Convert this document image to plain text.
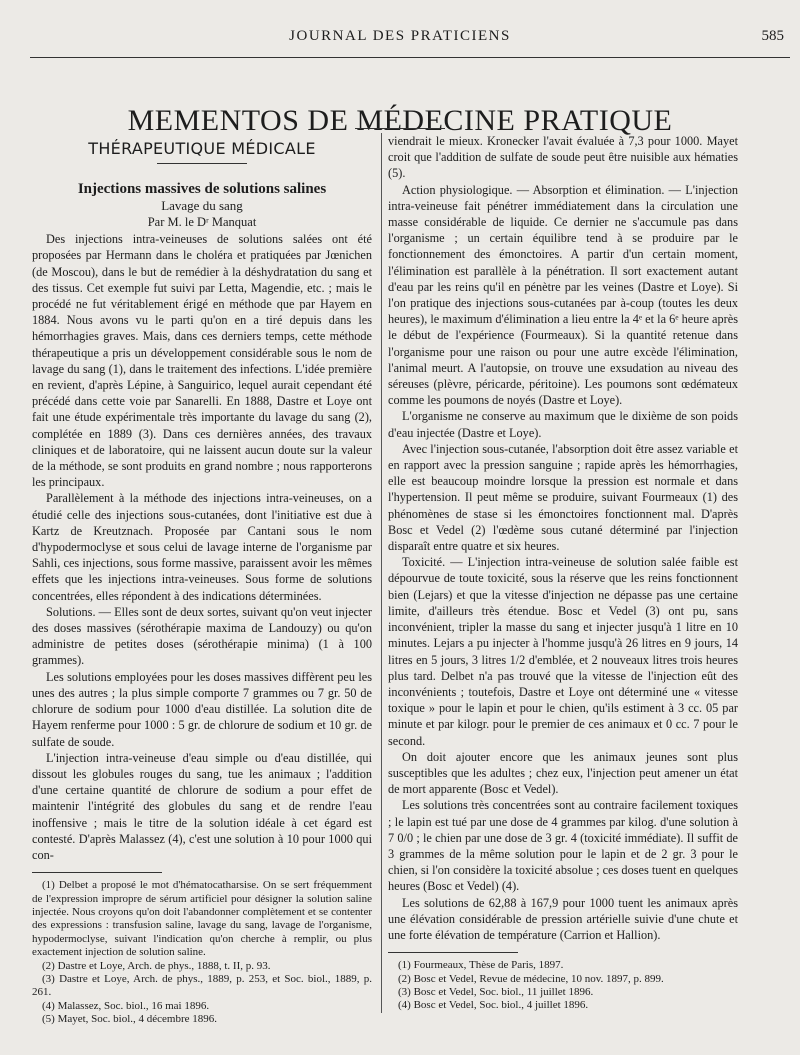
JOURNAL DES PRATICIENS	585
MEMENTOS DE MÉDECINE PRATIQUE
THÉRAPEUTIQUE MÉDICALE
Injections massives de solutions salines
Lavage du sang
Par M. le Dʳ Manquat

Des injections intra-veineuses de solutions salées ont été proposées par Hermann dans le choléra et pratiquées par Jœnichen (de Moscou), dans le but de remédier à la déshydratation du sang et des tissus. Cet exemple fut suivi par Letta, Magendie, etc. ; mais le procédé ne fut véritablement érigé en méthode que par Hayem en 1884. Nous avons vu le parti qu'on en a tiré depuis dans les hémorrhagies graves. Mais, dans ces derniers temps, cette méthode thérapeutique a pris un développement considérable sous le nom de lavage du sang (1), dans le traitement des infections. L'idée première en revient, d'après Lépine, à Sanguirico, lequel aurait cependant été précédé dans cette voie par Sanarelli. En 1888, Dastre et Loye ont fait une étude expérimentale très importante du lavage du sang (2), complétée en 1889 (3). Dans ces dernières années, des travaux cliniques et de laboratoire, qui ne laissent aucun doute sur la valeur de la méthode, se sont produits en grand nombre ; nous rapporterons les principaux.

Parallèlement à la méthode des injections intra-veineuses, on a étudié celle des injections sous-cutanées, dont l'initiative est due à Kartz de Kreutznach. Proposée par Cantani sous le nom d'hypodermoclyse et sous celui de lavage interne de l'organisme par Sahli, ces injections, sous forme massive, paraissent avoir les mêmes effets que les injections intra-veineuses. Sous forme de solutions concentrées, elles répondent à des indications déterminées.

Solutions. — Elles sont de deux sortes, suivant qu'on veut injecter des doses massives (sérothérapie maxima de Landouzy) ou qu'on administre de petites doses (sérothérapie minima) (1 à 100 grammes).

Les solutions employées pour les doses massives diffèrent peu les unes des autres ; la plus simple comporte 7 grammes ou 7 gr. 50 de chlorure de sodium pour 1000 d'eau distillée. La solution dite de Hayem renferme pour 1000 : 5 gr. de chlorure de sodium et 10 gr. de sulfate de soude.

L'injection intra-veineuse d'eau simple ou d'eau distillée, qui dissout les globules rouges du sang, tue les animaux ; l'addition d'une certaine quantité de chlorure de sodium a pour effet de maintenir l'intégrité des globules du sang et de rendre l'eau inoffensive ; mais le titre de la solution idéale à cet égard est contesté. D'après Malassez (4), c'est une solution à 10 pour 1000 qui con-

(1) Delbet a proposé le mot d'hématocatharsise. On se sert fréquemment de l'expression impropre de sérum artificiel pour désigner la solution saline injectée. Nous croyons qu'on doit l'abandonner complètement et se contenter des expressions : transfusion saline, lavage du sang, lavage de l'organisme, hypodermoclyse, suivant l'indication qu'on cherche à remplir, ou plus exactement injection de solution saline.

(2) Dastre et Loye, Arch. de phys., 1888, t. II, p. 93.

(3) Dastre et Loye, Arch. de phys., 1889, p. 253, et Soc. biol., 1889, p. 261.

(4) Malassez, Soc. biol., 16 mai 1896.

(5) Mayet, Soc. biol., 4 décembre 1896.

viendrait le mieux. Kronecker l'avait évaluée à 7,3 pour 1000. Mayet croit que l'addition de sulfate de soude peut être nuisible aux hématies (5).

Action physiologique. — Absorption et élimination. — L'injection intra-veineuse fait pénétrer immédiatement dans la circulation une masse considérable de liquide. Ce dernier ne s'accumule pas dans l'organisme ; un certain équilibre tend à se produire par le fonctionnement des émonctoires. A partir d'un certain moment, l'élimination est parallèle à la pénétration. Il sort exactement autant d'eau par les reins qu'il en pénètre par les veines (Dastre et Loye). Si l'on pratique des injections sous-cutanées par à-coup (toutes les deux heures), le maximum d'élimination a lieu entre la 4ᵉ et la 6ᵉ heure après le début de l'expérience (Fourmeaux). Si la quantité retenue dans l'organisme pour une raison ou pour une autre excède l'élimination, l'animal meurt. A l'autopsie, on trouve une exsudation au niveau des séreuses (plèvre, péricarde, péritoine). Les poumons sont œdémateux comme les poumons de noyés (Dastre et Loye).

L'organisme ne conserve au maximum que le dixième de son poids d'eau injectée (Dastre et Loye).

Avec l'injection sous-cutanée, l'absorption doit être assez variable et en rapport avec la pression sanguine ; rapide après les hémorrhagies, elle est beaucoup moindre lorsque la pression est normale et dans l'hypertension. Il peut même se produire, suivant Fourmeaux (1) des phénomènes de stase si les émonctoires fonctionnent mal. D'après Bosc et Vedel (2) l'œdème sous cutané déterminé par l'injection disparaît entre quatre et six heures.

Toxicité. — L'injection intra-veineuse de solution salée faible est dépourvue de toute toxicité, sous la réserve que les reins fonctionnent bien (Lejars) et que la vitesse d'injection ne dépasse pas une certaine limite, d'ailleurs très étendue. Bosc et Vedel (3) ont pu, sans inconvénient, tripler la masse du sang et injecter jusqu'à 1 litre en 10 minutes. Lejars a pu injecter à l'homme jusqu'à 26 litres en 9 jours, 14 litres en 5 jours, 3 litres 1/2 d'emblée, et 2 nouveaux litres trois heures plus tard. Delbet n'a pas trouvé que la vitesse de l'injection eût des inconvénients ; toutefois, Dastre et Loye ont déterminé une « vitesse toxique » pour le lapin et pour le chien, qu'ils estiment à 3 cc. 05 par minute et par kilogr. pour le premier de ces animaux et 0 cc. 7 pour le second.

On doit ajouter encore que les animaux jeunes sont plus susceptibles que les adultes ; chez eux, l'injection peut amener un état de mort apparente (Bosc et Vedel).

Les solutions très concentrées sont au contraire facilement toxiques ; le lapin est tué par une dose de 4 grammes par kilog. d'une solution à 7 0/0 ; le chien par une dose de 3 gr. 4 (toxicité immédiate). Il suffit de 3 grammes de la même solution pour le lapin et de 2 gr. 3 pour le chien, si l'on considère la toxicité absolue ; ces doses tuent en quelques heures (Bosc et Vedel) (4).

Les solutions de 62,88 à 167,9 pour 1000 tuent les animaux après une élévation considérable de pression artérielle suivie d'une chute et une forte élévation de température (Carrion et Hallion).

(1) Fourmeaux, Thèse de Paris, 1897.

(2) Bosc et Vedel, Revue de médecine, 10 nov. 1897, p. 899.

(3) Bosc et Vedel, Soc. biol., 11 juillet 1896.

(4) Bosc et Vedel, Soc. biol., 4 juillet 1896.
